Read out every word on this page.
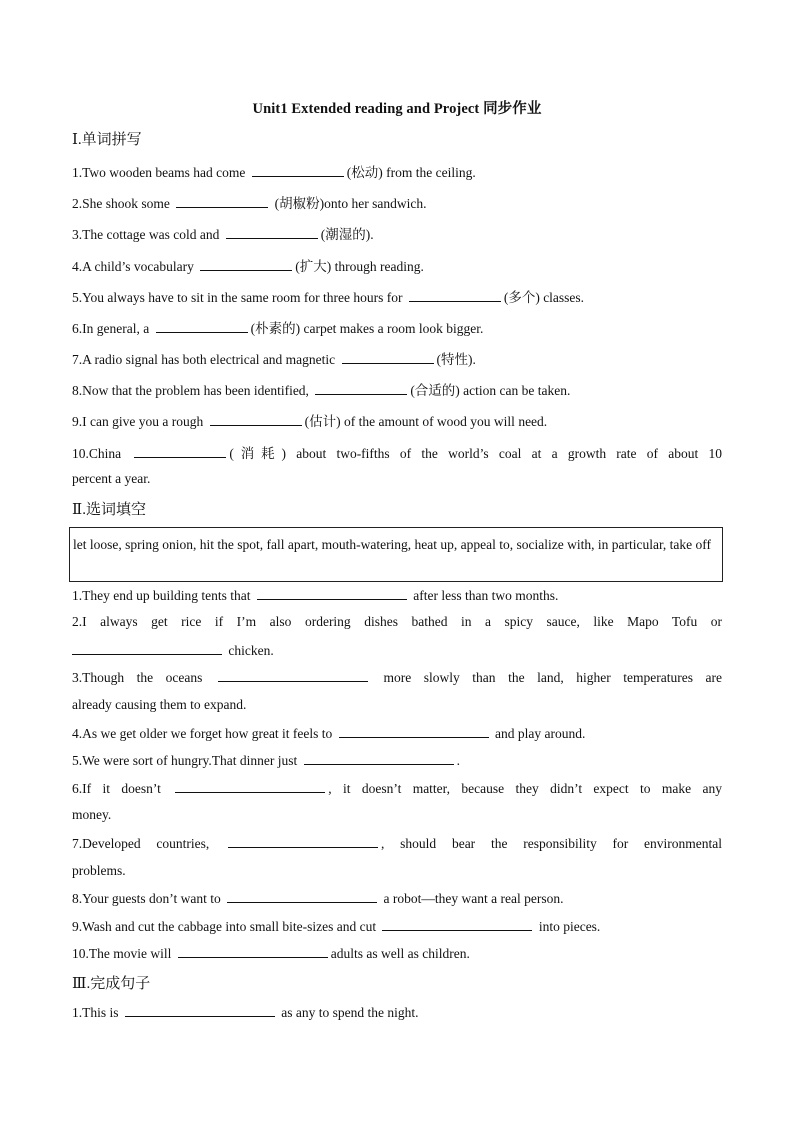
Unit1 Extended reading and Project 同步作业
Ⅰ.单词拼写
1.Two wooden beams had come	(松动) from the ceiling.
2.She shook some	(胡椒粉)onto her sandwich.
3.The cottage was cold and	(潮湿的).
4.A child’s vocabulary	(扩大) through reading.
5.You always have to sit in the same room for three hours for	(多个) classes.
6.In general, a	(朴素的) carpet makes a room look bigger.
7.A radio signal has both electrical and magnetic	(特性).
8.Now that the problem has been identified,	(合适的) action can be taken.
9.I can give you a rough	(估计) of the amount of wood you will need.
10.China	(消耗) about two-fifths of the world’s coal at a growth rate of about 10
percent a year.
Ⅱ.选词填空
let loose, spring onion, hit the spot, fall apart, mouth-watering, heat up, appeal to, socialize with, in particular, take off
1.They end up building tents that	after less than two months.
2.I always get rice if I’m also ordering dishes bathed in a spicy sauce, like Mapo Tofu or
chicken.
3.Though the oceans	more slowly than the land, higher temperatures are
already causing them to expand.
4.As we get older we forget how great it feels to	and play around.
5.We were sort of hungry.That dinner just	.
6.If it doesn’t	, it doesn’t matter, because they didn’t expect to make any
money.
7.Developed countries,	, should bear the responsibility for environmental
problems.
8.Your guests don’t want to	a robot—they want a real person.
9.Wash and cut the cabbage into small bite-sizes and cut	into pieces.
10.The movie will	adults as well as children.
Ⅲ.完成句子
1.This is	as any to spend the night.
